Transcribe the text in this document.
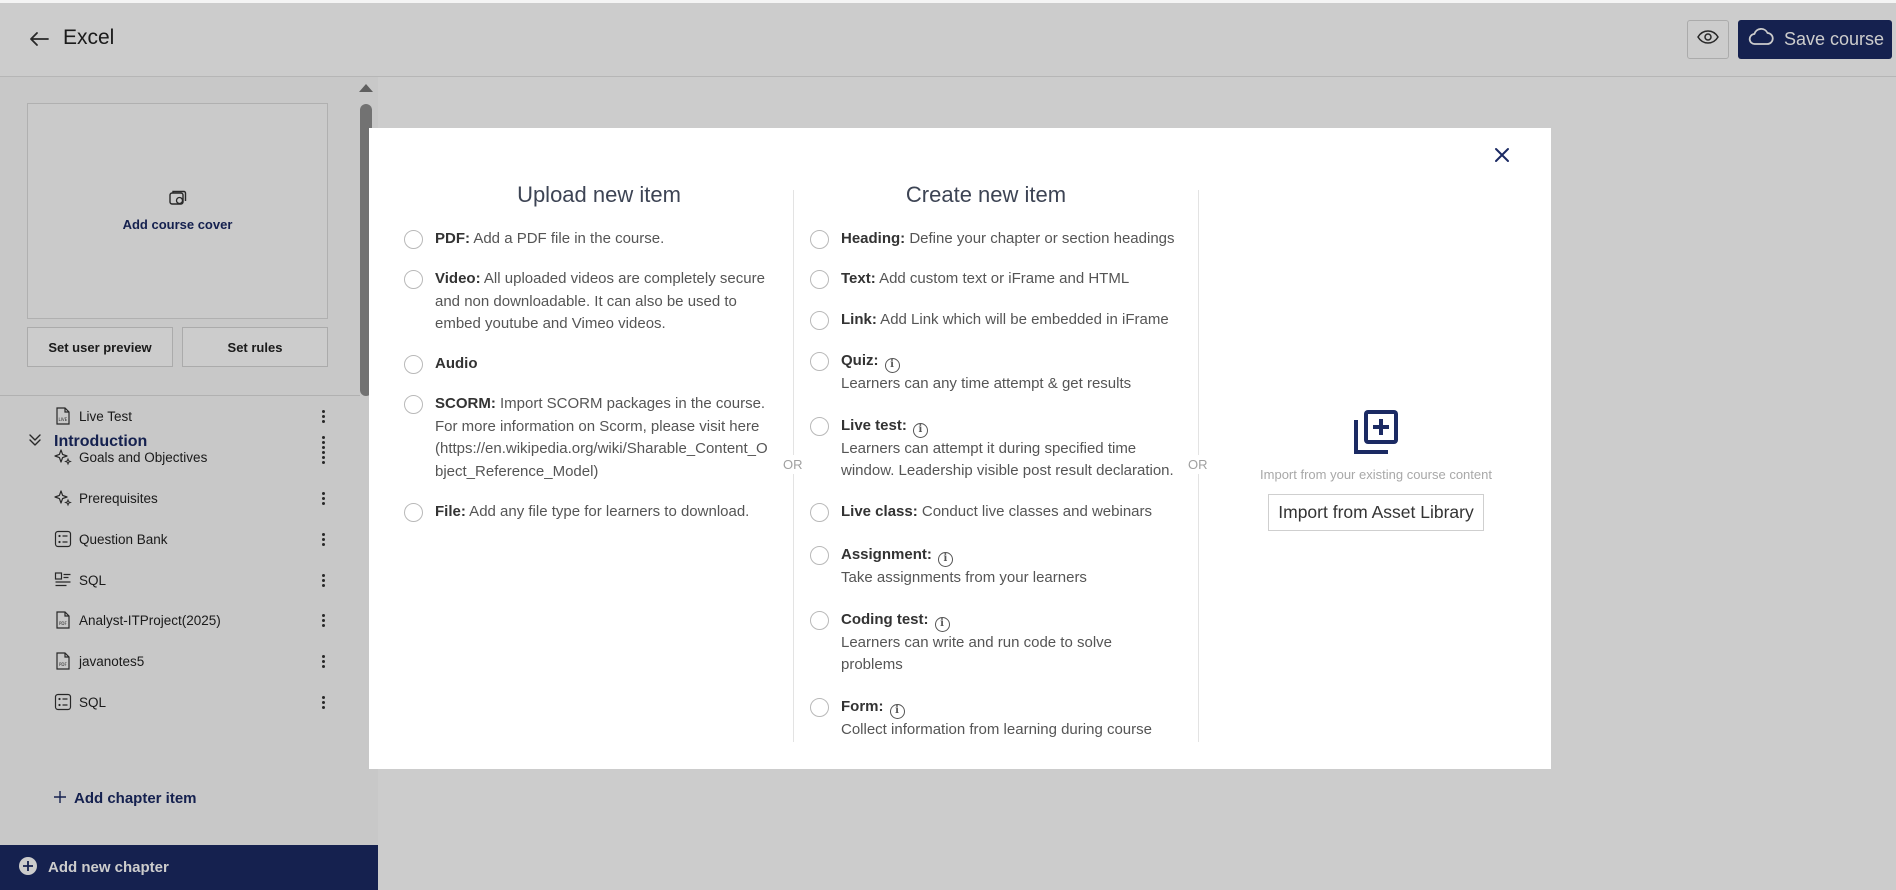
Excel	Save course
Add course cover
Set user preview	Set rules
Introduction
LIVE Live Test
Goals and Objectives
Prerequisites
Question Bank
SQL
PDF Analyst-ITProject(2025)
PDF javanotes5
SQL
Add chapter item
Add new chapter
Upload new item	Create new item
OR	OR
PDF: Add a PDF file in the course.
Video: All uploaded videos are completely secure
and non downloadable. It can also be used to
embed youtube and Vimeo videos.
Audio
SCORM: Import SCORM packages in the course.
For more information on Scorm, please visit here
(https://en.wikipedia.org/wiki/Sharable_Content_O
bject_Reference_Model)
File: Add any file type for learners to download.
Heading: Define your chapter or section headings
Text: Add custom text or iFrame and HTML
Link: Add Link which will be embedded in iFrame
Quiz: i
Learners can any time attempt & get results
Live test: i
Learners can attempt it during specified time
window. Leadership visible post result declaration.
Live class: Conduct live classes and webinars
Assignment: i
Take assignments from your learners
Coding test: i
Learners can write and run code to solve
problems
Form: i
Collect information from learning during course
Import from your existing course content
Import from Asset Library
